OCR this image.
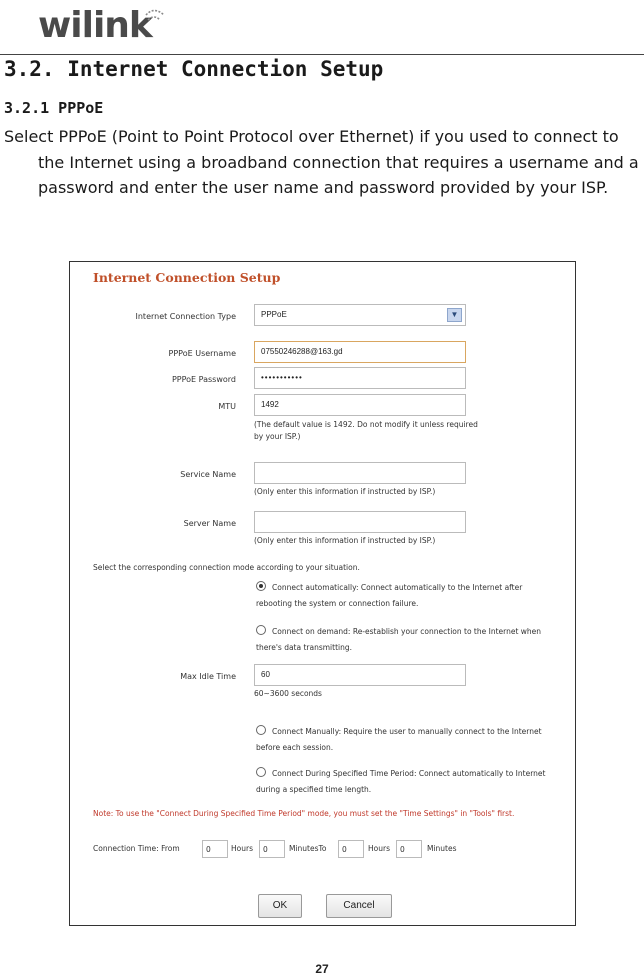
wilink
3.2. Internet Connection Setup
3.2.1 PPPoE
Select PPPoE (Point to Point Protocol over Ethernet) if you used to connect to the Internet using a broadband connection that requires a username and a password and enter the user name and password provided by your ISP.
Internet Connection Setup
Internet Connection Type	PPPoE	▼
PPPoE Username	07550246288@163.gd
PPPoE Password	•••••••••••
MTU	1492
(The default value is 1492. Do not modify it unless required by your ISP.)
Service Name
(Only enter this information if instructed by ISP.)
Server Name
(Only enter this information if instructed by ISP.)
Select the corresponding connection mode according to your situation.
Connect automatically: Connect automatically to the Internet after rebooting the system or connection failure.
Connect on demand: Re-establish your connection to the Internet when there's data transmitting.
Max Idle Time	60
60~3600 seconds
Connect Manually: Require the user to manually connect to the Internet before each session.
Connect During Specified Time Period: Connect automatically to Internet during a specified time length.
Note: To use the "Connect During Specified Time Period" mode, you must set the "Time Settings" in "Tools" first.
Connection Time: From	0	Hours	0	MinutesTo	0	Hours	0	Minutes
OK	Cancel
27
